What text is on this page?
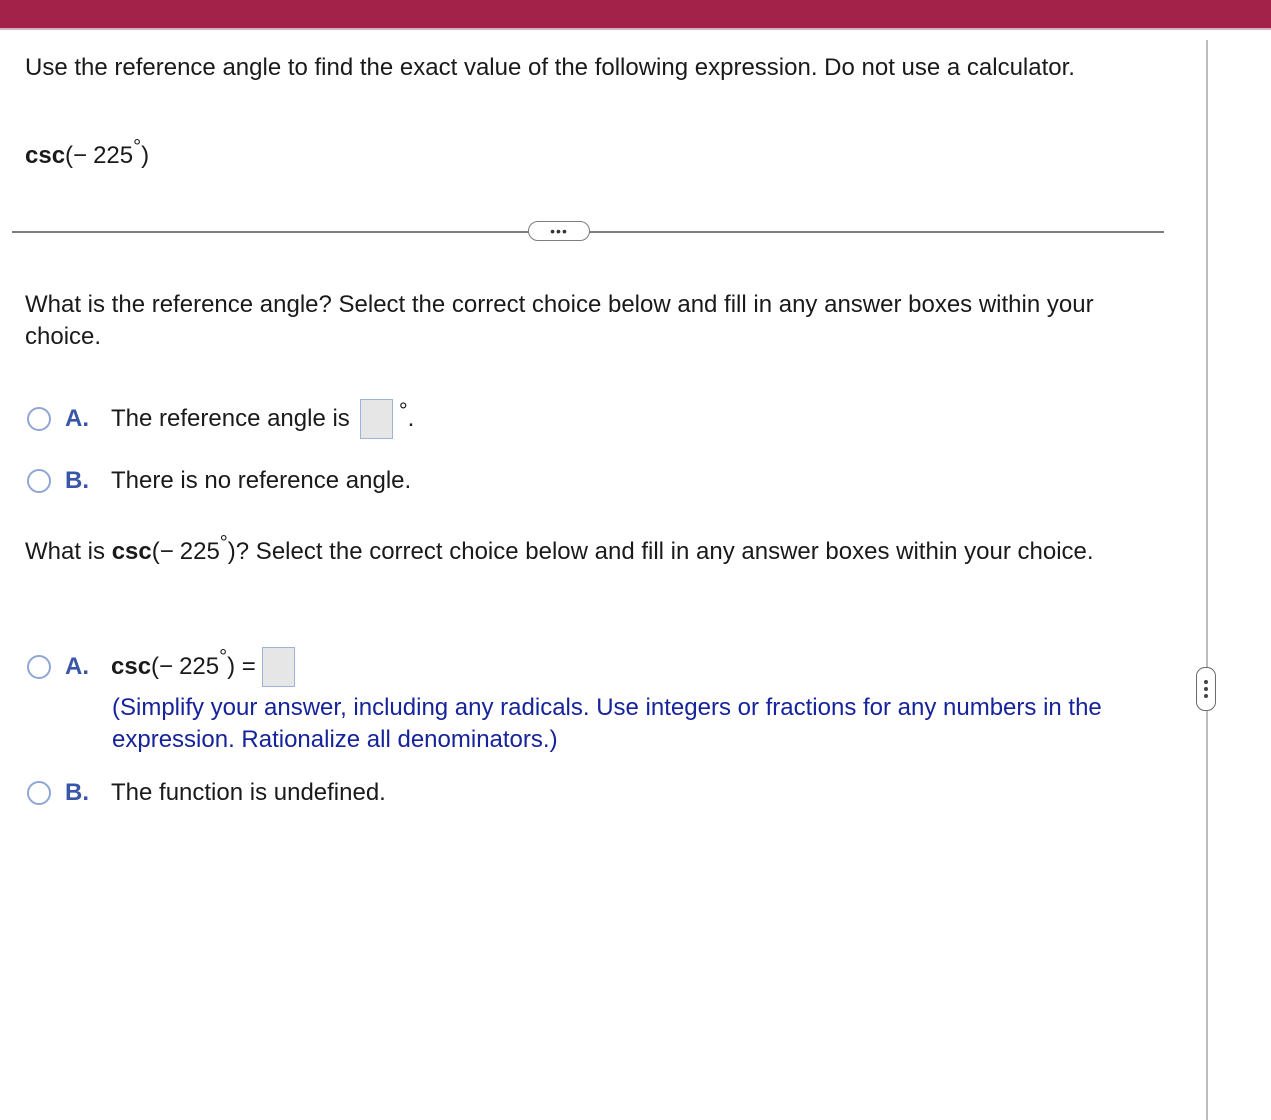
Use the reference angle to find the exact value of the following expression. Do not use a calculator.
csc(− 225°)
•••
What is the reference angle? Select the correct choice below and fill in any answer boxes within your choice.
A. The reference angle is ° .
B. There is no reference angle.
What is csc(− 225°)? Select the correct choice below and fill in any answer boxes within your choice.
A. csc ( − 225 ° ) =
(Simplify your answer, including any radicals. Use integers or fractions for any numbers in the expression. Rationalize all denominators.)
B. The function is undefined.
